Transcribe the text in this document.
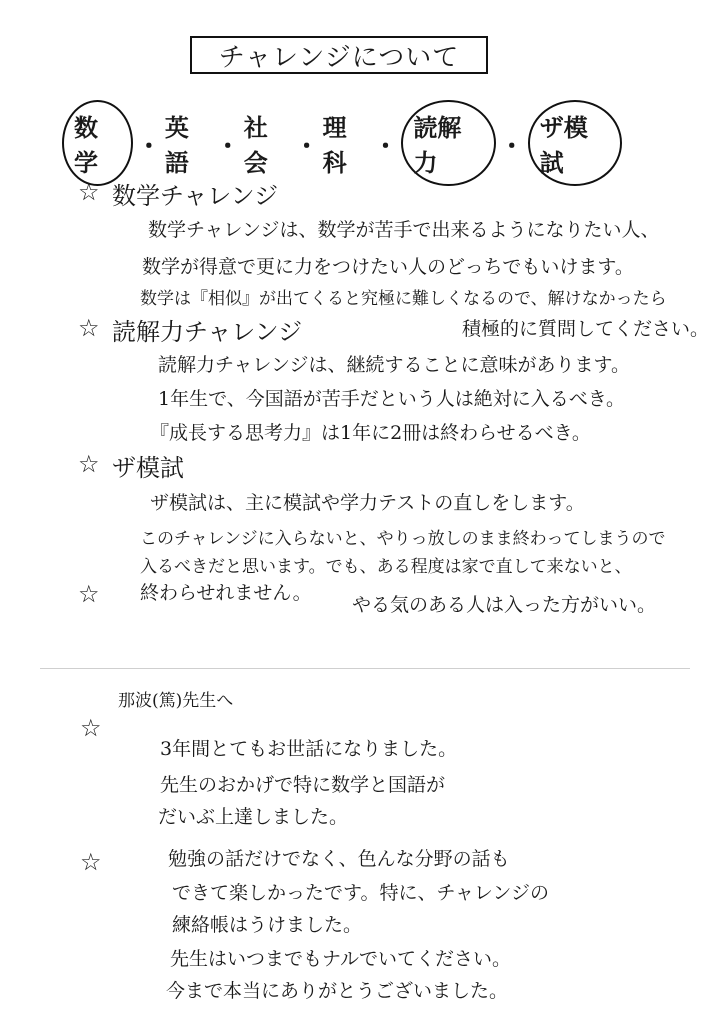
チャレンジについて
数学
・
英語
・
社会
・
理科
・
読解力
・
ザ模試
☆ 数学チャレンジ
数学チャレンジは、数学が苦手で出来るようになりたい人、
数学が得意で更に力をつけたい人のどっちでもいけます。
数学は『相似』が出てくると究極に難しくなるので、解けなかったら
積極的に質問してください。
☆ 読解力チャレンジ
読解力チャレンジは、継続することに意味があります。
1年生で、今国語が苦手だという人は絶対に入るべき。
『成長する思考力』は1年に2冊は終わらせるべき。
☆ ザ模試
ザ模試は、主に模試や学力テストの直しをします。
このチャレンジに入らないと、やりっ放しのまま終わってしまうので
入るべきだと思います。でも、ある程度は家で直して来ないと、
☆ 終わらせれません。
やる気のある人は入った方がいい。
那波(篤)先生へ
☆
3年間とてもお世話になりました。
先生のおかげで特に数学と国語が
だいぶ上達しました。
☆	勉強の話だけでなく、色んな分野の話も
できて楽しかったです。特に、チャレンジの
練絡帳はうけました。
先生はいつまでもナルでいてください。
今まで本当にありがとうございました。
